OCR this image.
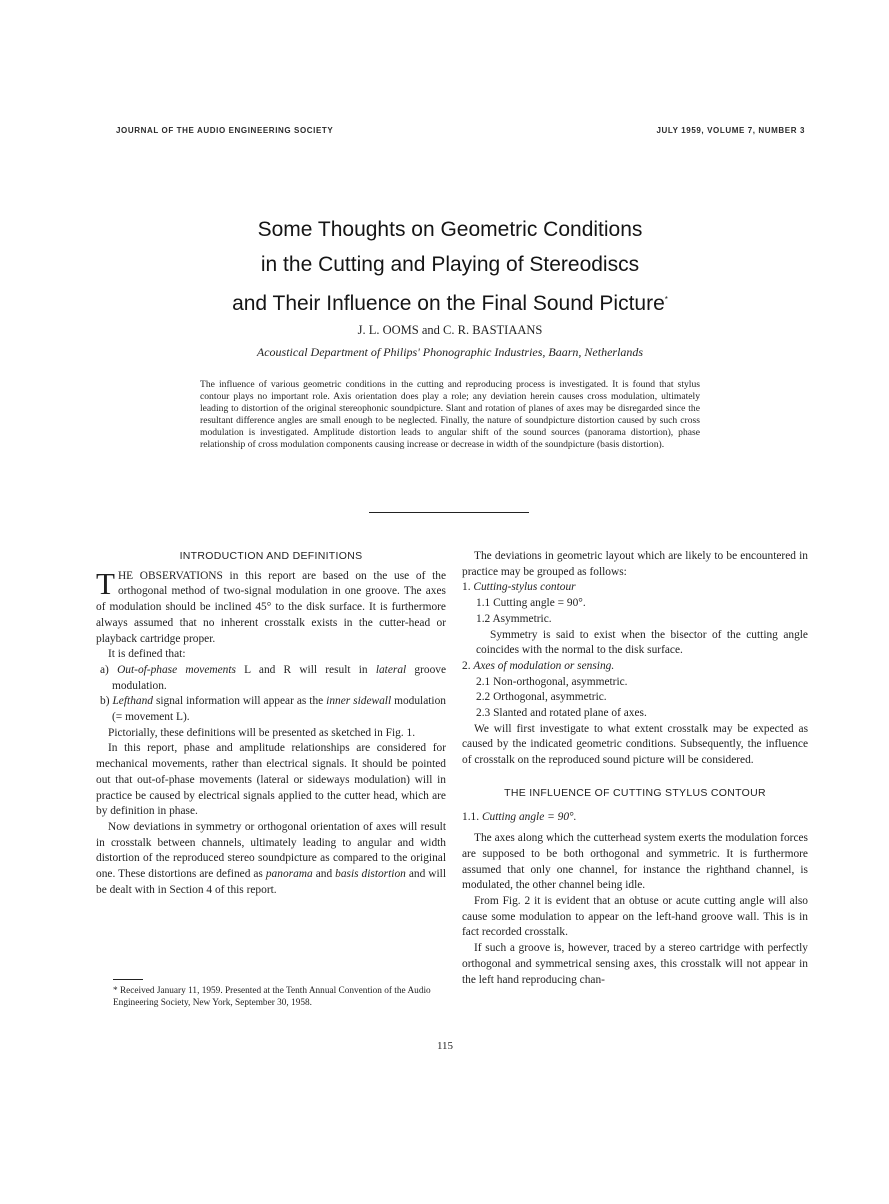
JOURNAL OF THE AUDIO ENGINEERING SOCIETY	JULY 1959, VOLUME 7, NUMBER 3
Some Thoughts on Geometric Conditions
in the Cutting and Playing of Stereodiscs
and Their Influence on the Final Sound Picture*
J. L. OOMS and C. R. BASTIAANS
Acoustical Department of Philips' Phonographic Industries, Baarn, Netherlands
The influence of various geometric conditions in the cutting and reproducing process is investigated. It is found that stylus contour plays no important role. Axis orientation does play a role; any deviation herein causes cross modulation, ultimately leading to distortion of the original stereophonic soundpicture. Slant and rotation of planes of axes may be disregarded since the resultant difference angles are small enough to be neglected. Finally, the nature of soundpicture distortion caused by such cross modulation is investigated. Amplitude distortion leads to angular shift of the sound sources (panorama distortion), phase relationship of cross modulation components causing increase or decrease in width of the soundpicture (basis distortion).
INTRODUCTION AND DEFINITIONS

THE OBSERVATIONS in this report are based on the use of the orthogonal method of two-signal modulation in one groove. The axes of modulation should be inclined 45° to the disk surface. It is furthermore always assumed that no inherent crosstalk exists in the cutter-head or playback cartridge proper.

It is defined that:

a) Out-of-phase movements L and R will result in lateral groove modulation.

b) Lefthand signal information will appear as the inner sidewall modulation (= movement L).

Pictorially, these definitions will be presented as sketched in Fig. 1.

In this report, phase and amplitude relationships are considered for mechanical movements, rather than electrical signals. It should be pointed out that out-of-phase movements (lateral or sideways modulation) will in practice be caused by electrical signals applied to the cutter head, which are by definition in phase.

Now deviations in symmetry or orthogonal orientation of axes will result in crosstalk between channels, ultimately leading to angular and width distortion of the reproduced stereo soundpicture as compared to the original one. These distortions are defined as panorama and basis distortion and will be dealt with in Section 4 of this report.

* Received January 11, 1959. Presented at the Tenth Annual Convention of the Audio Engineering Society, New York, September 30, 1958.

The deviations in geometric layout which are likely to be encountered in practice may be grouped as follows:

1. Cutting-stylus contour

1.1 Cutting angle = 90°.

1.2 Asymmetric.

Symmetry is said to exist when the bisector of the cutting angle coincides with the normal to the disk surface.

2. Axes of modulation or sensing.

2.1 Non-orthogonal, asymmetric.

2.2 Orthogonal, asymmetric.

2.3 Slanted and rotated plane of axes.

We will first investigate to what extent crosstalk may be expected as caused by the indicated geometric conditions. Subsequently, the influence of crosstalk on the reproduced sound picture will be considered.

THE INFLUENCE OF CUTTING STYLUS CONTOUR

1.1. Cutting angle = 90°.

The axes along which the cutterhead system exerts the modulation forces are supposed to be both orthogonal and symmetric. It is furthermore assumed that only one channel, for instance the righthand channel, is modulated, the other channel being idle.

From Fig. 2 it is evident that an obtuse or acute cutting angle will also cause some modulation to appear on the left-hand groove wall. This is in fact recorded crosstalk.

If such a groove is, however, traced by a stereo cartridge with perfectly orthogonal and symmetrical sensing axes, this crosstalk will not appear in the left hand reproducing chan-

115
